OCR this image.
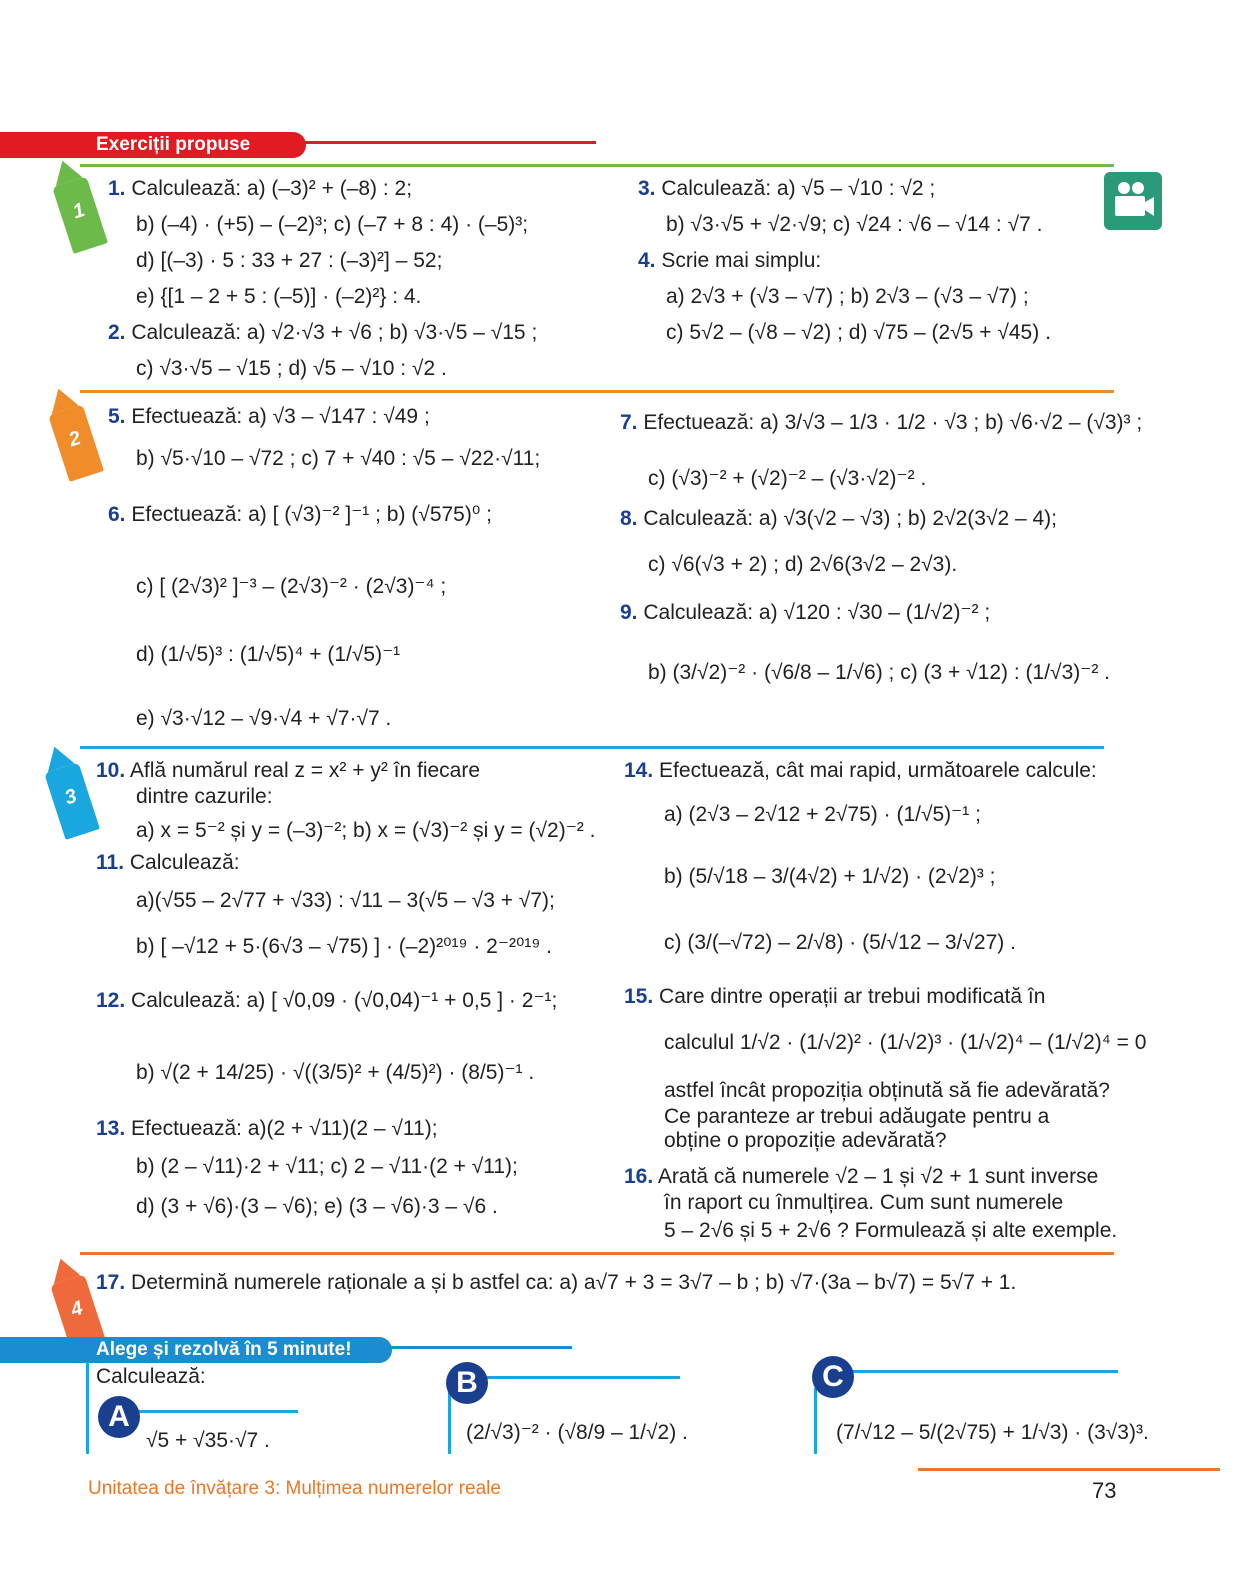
Exerciții propuse
1
1. Calculează: a) (–3)² + (–8) : 2;
b) (–4) · (+5) – (–2)³; c) (–7 + 8 : 4) · (–5)³;
d) [(–3) · 5 : 33 + 27 : (–3)²] – 52;
e) {[1 – 2 + 5 : (–5)] · (–2)²} : 4.
2. Calculează: a) √2·√3 + √6 ; b) √3·√5 – √15 ;
c) √3·√5 – √15 ; d) √5 – √10 : √2 .
3. Calculează: a) √5 – √10 : √2 ;
b) √3·√5 + √2·√9; c) √24 : √6 – √14 : √7 .
4. Scrie mai simplu:
a) 2√3 + (√3 – √7) ; b) 2√3 – (√3 – √7) ;
c) 5√2 – (√8 – √2) ; d) √75 – (2√5 + √45) .
2
5. Efectuează: a) √3 – √147 : √49 ;
b) √5·√10 – √72 ; c) 7 + √40 : √5 – √22·√11;
6. Efectuează: a) [ (√3)⁻² ]⁻¹ ; b) (√575)⁰ ;
c) [ (2√3)² ]⁻³ – (2√3)⁻² · (2√3)⁻⁴ ;
d) (1/√5)³ : (1/√5)⁴ + (1/√5)⁻¹
e) √3·√12 – √9·√4 + √7·√7 .
7. Efectuează: a) 3/√3 – 1/3 · 1/2 · √3 ; b) √6·√2 – (√3)³ ;
c) (√3)⁻² + (√2)⁻² – (√3·√2)⁻² .
8. Calculează: a) √3(√2 – √3) ; b) 2√2(3√2 – 4);
c) √6(√3 + 2) ; d) 2√6(3√2 – 2√3).
9. Calculează: a) √120 : √30 – (1/√2)⁻² ;
b) (3/√2)⁻² · (√6/8 – 1/√6) ; c) (3 + √12) : (1/√3)⁻² .
3
10. Află numărul real z = x² + y² în fiecare
dintre cazurile:
a) x = 5⁻² și y = (–3)⁻²; b) x = (√3)⁻² și y = (√2)⁻² .
11. Calculează:
a)(√55 – 2√77 + √33) : √11 – 3(√5 – √3 + √7);
b) [ –√12 + 5·(6√3 – √75) ] · (–2)²⁰¹⁹ · 2⁻²⁰¹⁹ .
12. Calculează: a) [ √0,09 · (√0,04)⁻¹ + 0,5 ] · 2⁻¹;
b) √(2 + 14/25) · √((3/5)² + (4/5)²) · (8/5)⁻¹ .
13. Efectuează: a)(2 + √11)(2 – √11);
b) (2 – √11)·2 + √11; c) 2 – √11·(2 + √11);
d) (3 + √6)·(3 – √6); e) (3 – √6)·3 – √6 .
14. Efectuează, cât mai rapid, următoarele calcule:
a) (2√3 – 2√12 + 2√75) · (1/√5)⁻¹ ;
b) (5/√18 – 3/(4√2) + 1/√2) · (2√2)³ ;
c) (3/(–√72) – 2/√8) · (5/√12 – 3/√27) .
15. Care dintre operații ar trebui modificată în
calculul 1/√2 · (1/√2)² · (1/√2)³ · (1/√2)⁴ – (1/√2)⁴ = 0
astfel încât propoziția obținută să fie adevărată?
Ce paranteze ar trebui adăugate pentru a
obține o propoziție adevărată?
16. Arată că numerele √2 – 1 și √2 + 1 sunt inverse
în raport cu înmulțirea. Cum sunt numerele
5 – 2√6 și 5 + 2√6 ? Formulează și alte exemple.
4
17. Determină numerele raționale a și b astfel ca: a) a√7 + 3 = 3√7 – b ; b) √7·(3a – b√7) = 5√7 + 1.
Alege și rezolvă în 5 minute!
Calculează:
A
√5 + √35·√7 .
B
(2/√3)⁻² · (√8/9 – 1/√2) .
C
(7/√12 – 5/(2√75) + 1/√3) · (3√3)³.
Unitatea de învățare 3: Mulțimea numerelor reale	73
